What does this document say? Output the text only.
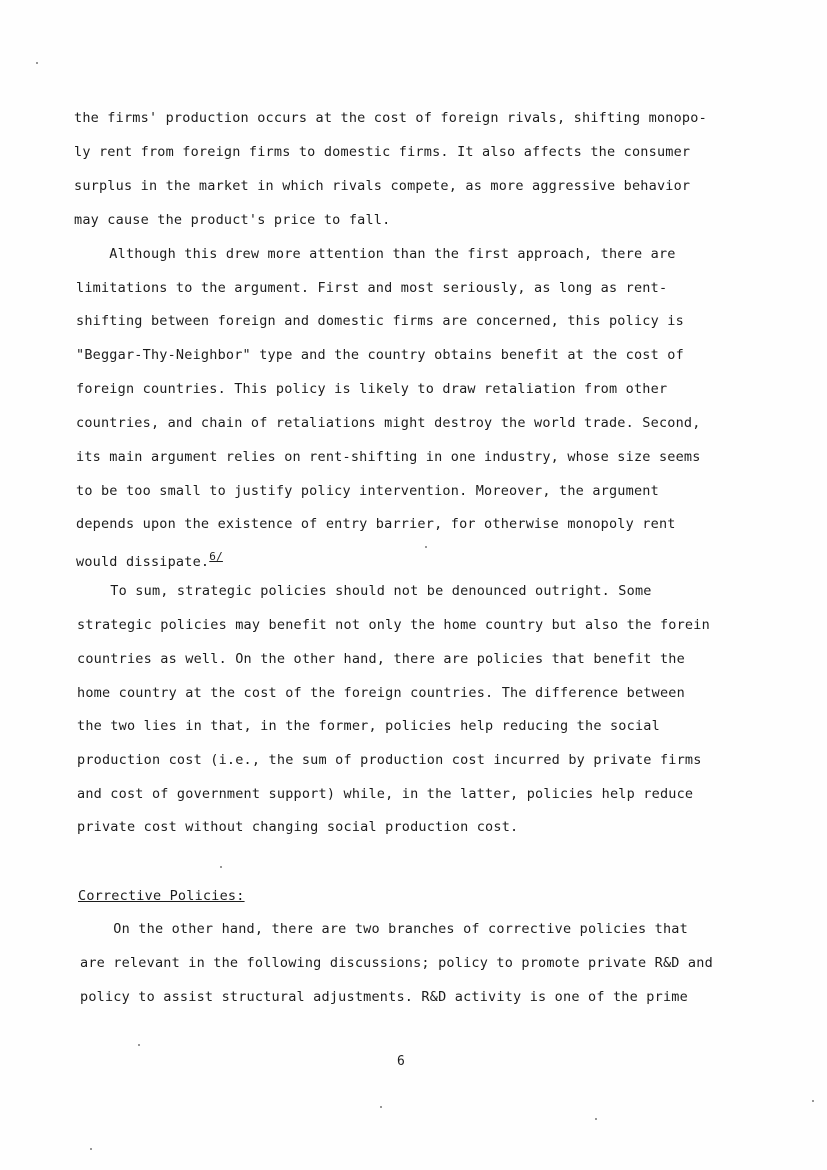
the firms' production occurs at the cost of foreign rivals, shifting monopo-
ly rent from foreign firms to domestic firms. It also affects the consumer
surplus in the market in which rivals compete, as more aggressive behavior
may cause the product's price to fall.
Although this drew more attention than the first approach, there are
limitations to the argument. First and most seriously, as long as rent-
shifting between foreign and domestic firms are concerned, this policy is
"Beggar-Thy-Neighbor" type and the country obtains benefit at the cost of
foreign countries. This policy is likely to draw retaliation from other
countries, and chain of retaliations might destroy the world trade. Second,
its main argument relies on rent-shifting in one industry, whose size seems
to be too small to justify policy intervention. Moreover, the argument
depends upon the existence of entry barrier, for otherwise monopoly rent
would dissipate.$^{6/}$
To sum, strategic policies should not be denounced outright. Some
strategic policies may benefit not only the home country but also the forein
countries as well. On the other hand, there are policies that benefit the
home country at the cost of the foreign countries. The difference between
the two lies in that, in the former, policies help reducing the social
production cost (i.e., the sum of production cost incurred by private firms
and cost of government support) while, in the latter, policies help reduce
private cost without changing social production cost.
Corrective Policies:
On the other hand, there are two branches of corrective policies that
are relevant in the following discussions; policy to promote private R&D and
policy to assist structural adjustments. R&D activity is one of the prime
6
